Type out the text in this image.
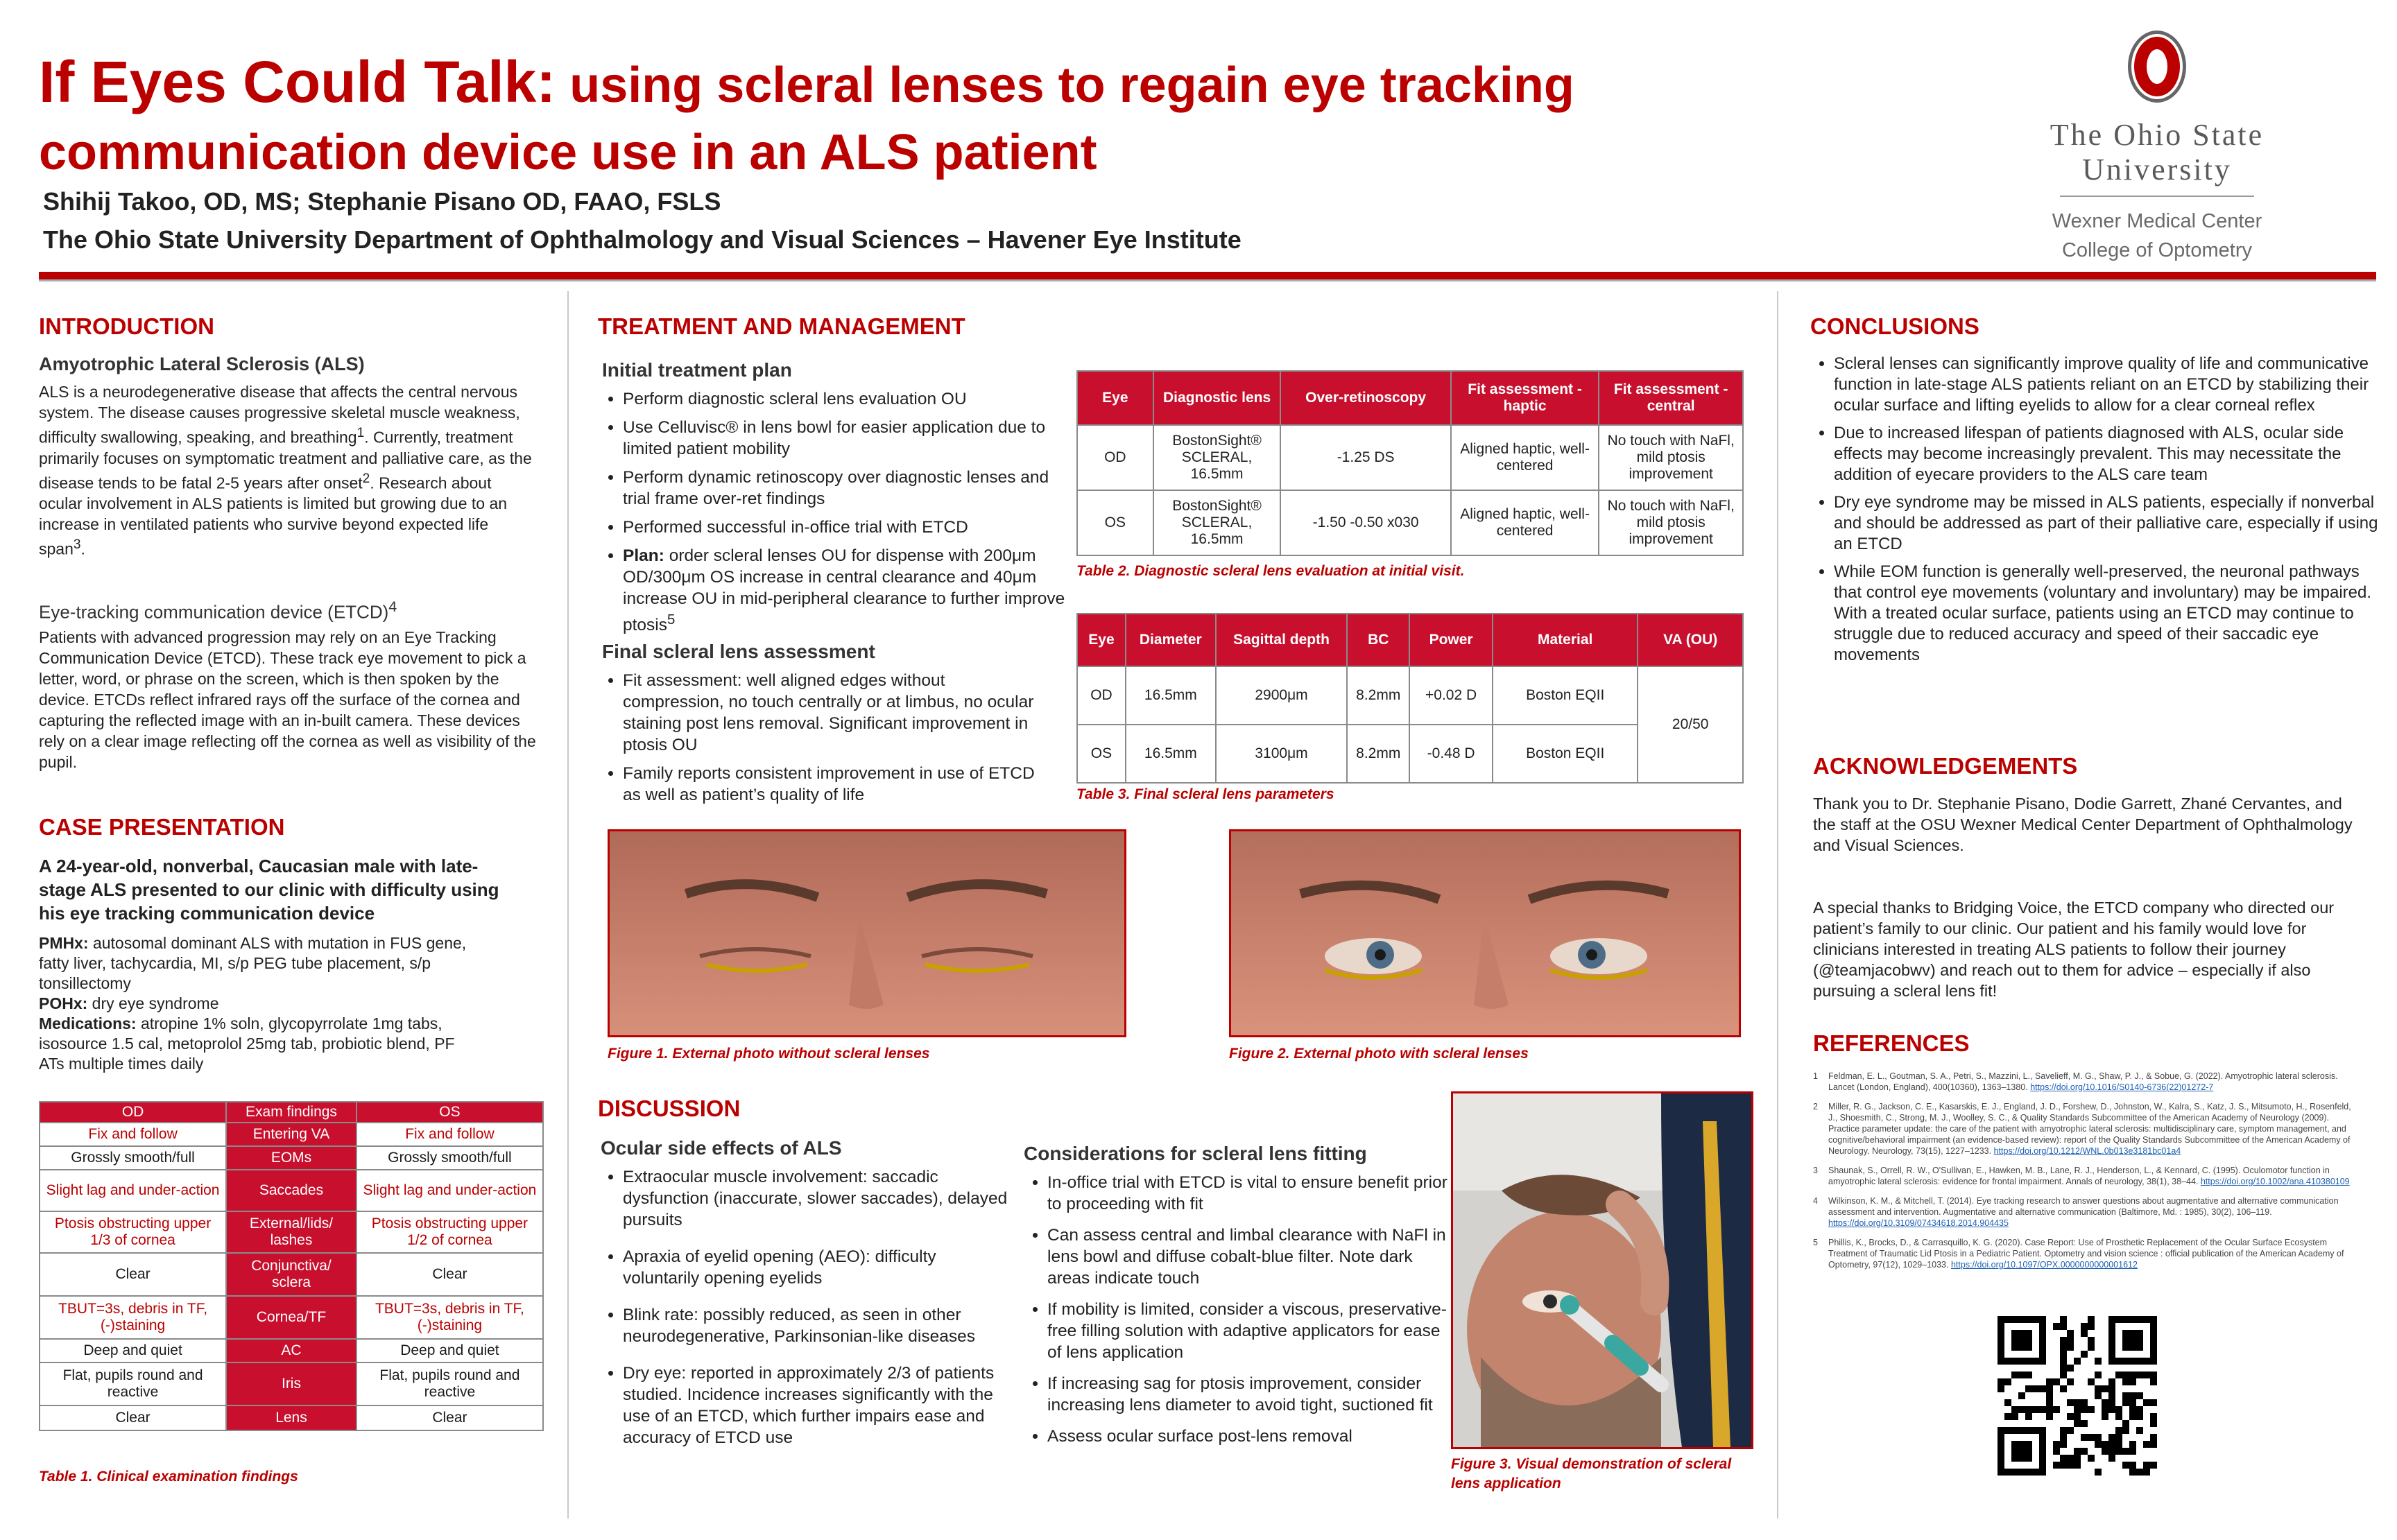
If Eyes Could Talk: using scleral lenses to regain eye tracking
communication device use in an ALS patient
Shihij Takoo, OD, MS; Stephanie Pisano OD, FAAO, FSLS
The Ohio State University Department of Ophthalmology and Visual Sciences – Havener Eye Institute
The Ohio State
University
Wexner Medical Center
College of Optometry
INTRODUCTION
Amyotrophic Lateral Sclerosis (ALS)

ALS is a neurodegenerative disease that affects the central nervous system. The disease causes progressive skeletal muscle weakness, difficulty swallowing, speaking, and breathing$^1$. Currently, treatment primarily focuses on symptomatic treatment and palliative care, as the disease tends to be fatal 2-5 years after onset$^2$. Research about ocular involvement in ALS patients is limited but growing due to an increase in ventilated patients who survive beyond expected life span$^3$.

Eye-tracking communication device (ETCD)$^4$
Patients with advanced progression may rely on an Eye Tracking Communication Device (ETCD). These track eye movement to pick a letter, word, or phrase on the screen, which is then spoken by the device. ETCDs reflect infrared rays off the surface of the cornea and capturing the reflected image with an in-built camera. These devices rely on a clear image reflecting off the cornea as well as visibility of the pupil.
CASE PRESENTATION
A 24-year-old, nonverbal, Caucasian male with late-stage ALS presented to our clinic with difficulty using his eye tracking communication device

PMHx: autosomal dominant ALS with mutation in FUS gene, fatty liver, tachycardia, MI, s/p PEG tube placement, s/p tonsillectomy

POHx: dry eye syndrome

Medications: atropine 1% soln, glycopyrrolate 1mg tabs, isosource 1.5 cal, metoprolol 25mg tab, probiotic blend, PF ATs multiple times daily

OD	Exam findings	OS
Fix and follow	Entering VA	Fix and follow
Grossly smooth/full	EOMs	Grossly smooth/full
Slight lag and under-action	Saccades	Slight lag and under-action
Ptosis obstructing upper 1/3 of cornea	External/lids/ lashes	Ptosis obstructing upper 1/2 of cornea
Clear	Conjunctiva/ sclera	Clear
TBUT=3s, debris in TF, (-)staining	Cornea/TF	TBUT=3s, debris in TF, (-)staining
Deep and quiet	AC	Deep and quiet
Flat, pupils round and reactive	Iris	Flat, pupils round and reactive
Clear	Lens	Clear
Table 1. Clinical examination findings
TREATMENT AND MANAGEMENT
Initial treatment plan
• Perform diagnostic scleral lens evaluation OU
• Use Celluvisc® in lens bowl for easier application due to limited patient mobility
• Perform dynamic retinoscopy over diagnostic lenses and trial frame over-ret findings
• Performed successful in-office trial with ETCD
• Plan: order scleral lenses OU for dispense with 200μm OD/300μm OS increase in central clearance and 40μm increase OU in mid-peripheral clearance to further improve ptosis$^5$
Final scleral lens assessment
• Fit assessment: well aligned edges without compression, no touch centrally or at limbus, no ocular staining post lens removal. Significant improvement in ptosis OU
• Family reports consistent improvement in use of ETCD as well as patient’s quality of life
Eye	Diagnostic lens	Over-retinoscopy	Fit assessment - haptic	Fit assessment - central
OD	BostonSight® SCLERAL, 16.5mm	-1.25 DS	Aligned haptic, well-centered	No touch with NaFl, mild ptosis improvement
OS	BostonSight® SCLERAL, 16.5mm	-1.50 -0.50 x030	Aligned haptic, well-centered	No touch with NaFl, mild ptosis improvement
Table 2. Diagnostic scleral lens evaluation at initial visit.
Eye	Diameter	Sagittal depth	BC	Power	Material	VA (OU)
OD	16.5mm	2900μm	8.2mm	+0.02 D	Boston EQII	20/50
OS	16.5mm	3100μm	8.2mm	-0.48 D	Boston EQII	
Table 3. Final scleral lens parameters
Figure 1. External photo without scleral lenses	Figure 2. External photo with scleral lenses
DISCUSSION
Ocular side effects of ALS
• Extraocular muscle involvement: saccadic dysfunction (inaccurate, slower saccades), delayed pursuits
• Apraxia of eyelid opening (AEO): difficulty voluntarily opening eyelids
• Blink rate: possibly reduced, as seen in other neurodegenerative, Parkinsonian-like diseases
• Dry eye: reported in approximately 2/3 of patients studied. Incidence increases significantly with the use of an ETCD, which further impairs ease and accuracy of ETCD use
Considerations for scleral lens fitting
• In-office trial with ETCD is vital to ensure benefit prior to proceeding with fit
• Can assess central and limbal clearance with NaFl in lens bowl and diffuse cobalt-blue filter. Note dark areas indicate touch
• If mobility is limited, consider a viscous, preservative-free filling solution with adaptive applicators for ease of lens application
• If increasing sag for ptosis improvement, consider increasing lens diameter to avoid tight, suctioned fit
• Assess ocular surface post-lens removal
Figure 3. Visual demonstration of scleral lens application
CONCLUSIONS
• Scleral lenses can significantly improve quality of life and communicative function in late-stage ALS patients reliant on an ETCD by stabilizing their ocular surface and lifting eyelids to allow for a clear corneal reflex
• Due to increased lifespan of patients diagnosed with ALS, ocular side effects may become increasingly prevalent. This may necessitate the addition of eyecare providers to the ALS care team
• Dry eye syndrome may be missed in ALS patients, especially if nonverbal and should be addressed as part of their palliative care, especially if using an ETCD
• While EOM function is generally well-preserved, the neuronal pathways that control eye movements (voluntary and involuntary) may be impaired. With a treated ocular surface, patients using an ETCD may continue to struggle due to reduced accuracy and speed of their saccadic eye movements
ACKNOWLEDGEMENTS

Thank you to Dr. Stephanie Pisano, Dodie Garrett, Zhané Cervantes, and the staff at the OSU Wexner Medical Center Department of Ophthalmology and Visual Sciences.

A special thanks to Bridging Voice, the ETCD company who directed our patient’s family to our clinic. Our patient and his family would love for clinicians interested in treating ALS patients to follow their journey (@teamjacobwv) and reach out to them for advice – especially if also pursuing a scleral lens fit!

REFERENCES
1	Feldman, E. L., Goutman, S. A., Petri, S., Mazzini, L., Savelieff, M. G., Shaw, P. J., & Sobue, G. (2022). Amyotrophic lateral sclerosis. Lancet (London, England), 400(10360), 1363–1380. https://doi.org/10.1016/S0140-6736(22)01272-7
2	Miller, R. G., Jackson, C. E., Kasarskis, E. J., England, J. D., Forshew, D., Johnston, W., Kalra, S., Katz, J. S., Mitsumoto, H., Rosenfeld, J., Shoesmith, C., Strong, M. J., Woolley, S. C., & Quality Standards Subcommittee of the American Academy of Neurology (2009). Practice parameter update: the care of the patient with amyotrophic lateral sclerosis: multidisciplinary care, symptom management, and cognitive/behavioral impairment (an evidence-based review): report of the Quality Standards Subcommittee of the American Academy of Neurology. Neurology, 73(15), 1227–1233. https://doi.org/10.1212/WNL.0b013e3181bc01a4
3	Shaunak, S., Orrell, R. W., O'Sullivan, E., Hawken, M. B., Lane, R. J., Henderson, L., & Kennard, C. (1995). Oculomotor function in amyotrophic lateral sclerosis: evidence for frontal impairment. Annals of neurology, 38(1), 38–44. https://doi.org/10.1002/ana.410380109
4	Wilkinson, K. M., & Mitchell, T. (2014). Eye tracking research to answer questions about augmentative and alternative communication assessment and intervention. Augmentative and alternative communication (Baltimore, Md. : 1985), 30(2), 106–119. https://doi.org/10.3109/07434618.2014.904435
5	Phillis, K., Brocks, D., & Carrasquillo, K. G. (2020). Case Report: Use of Prosthetic Replacement of the Ocular Surface Ecosystem Treatment of Traumatic Lid Ptosis in a Pediatric Patient. Optometry and vision science : official publication of the American Academy of Optometry, 97(12), 1029–1033. https://doi.org/10.1097/OPX.0000000000001612
